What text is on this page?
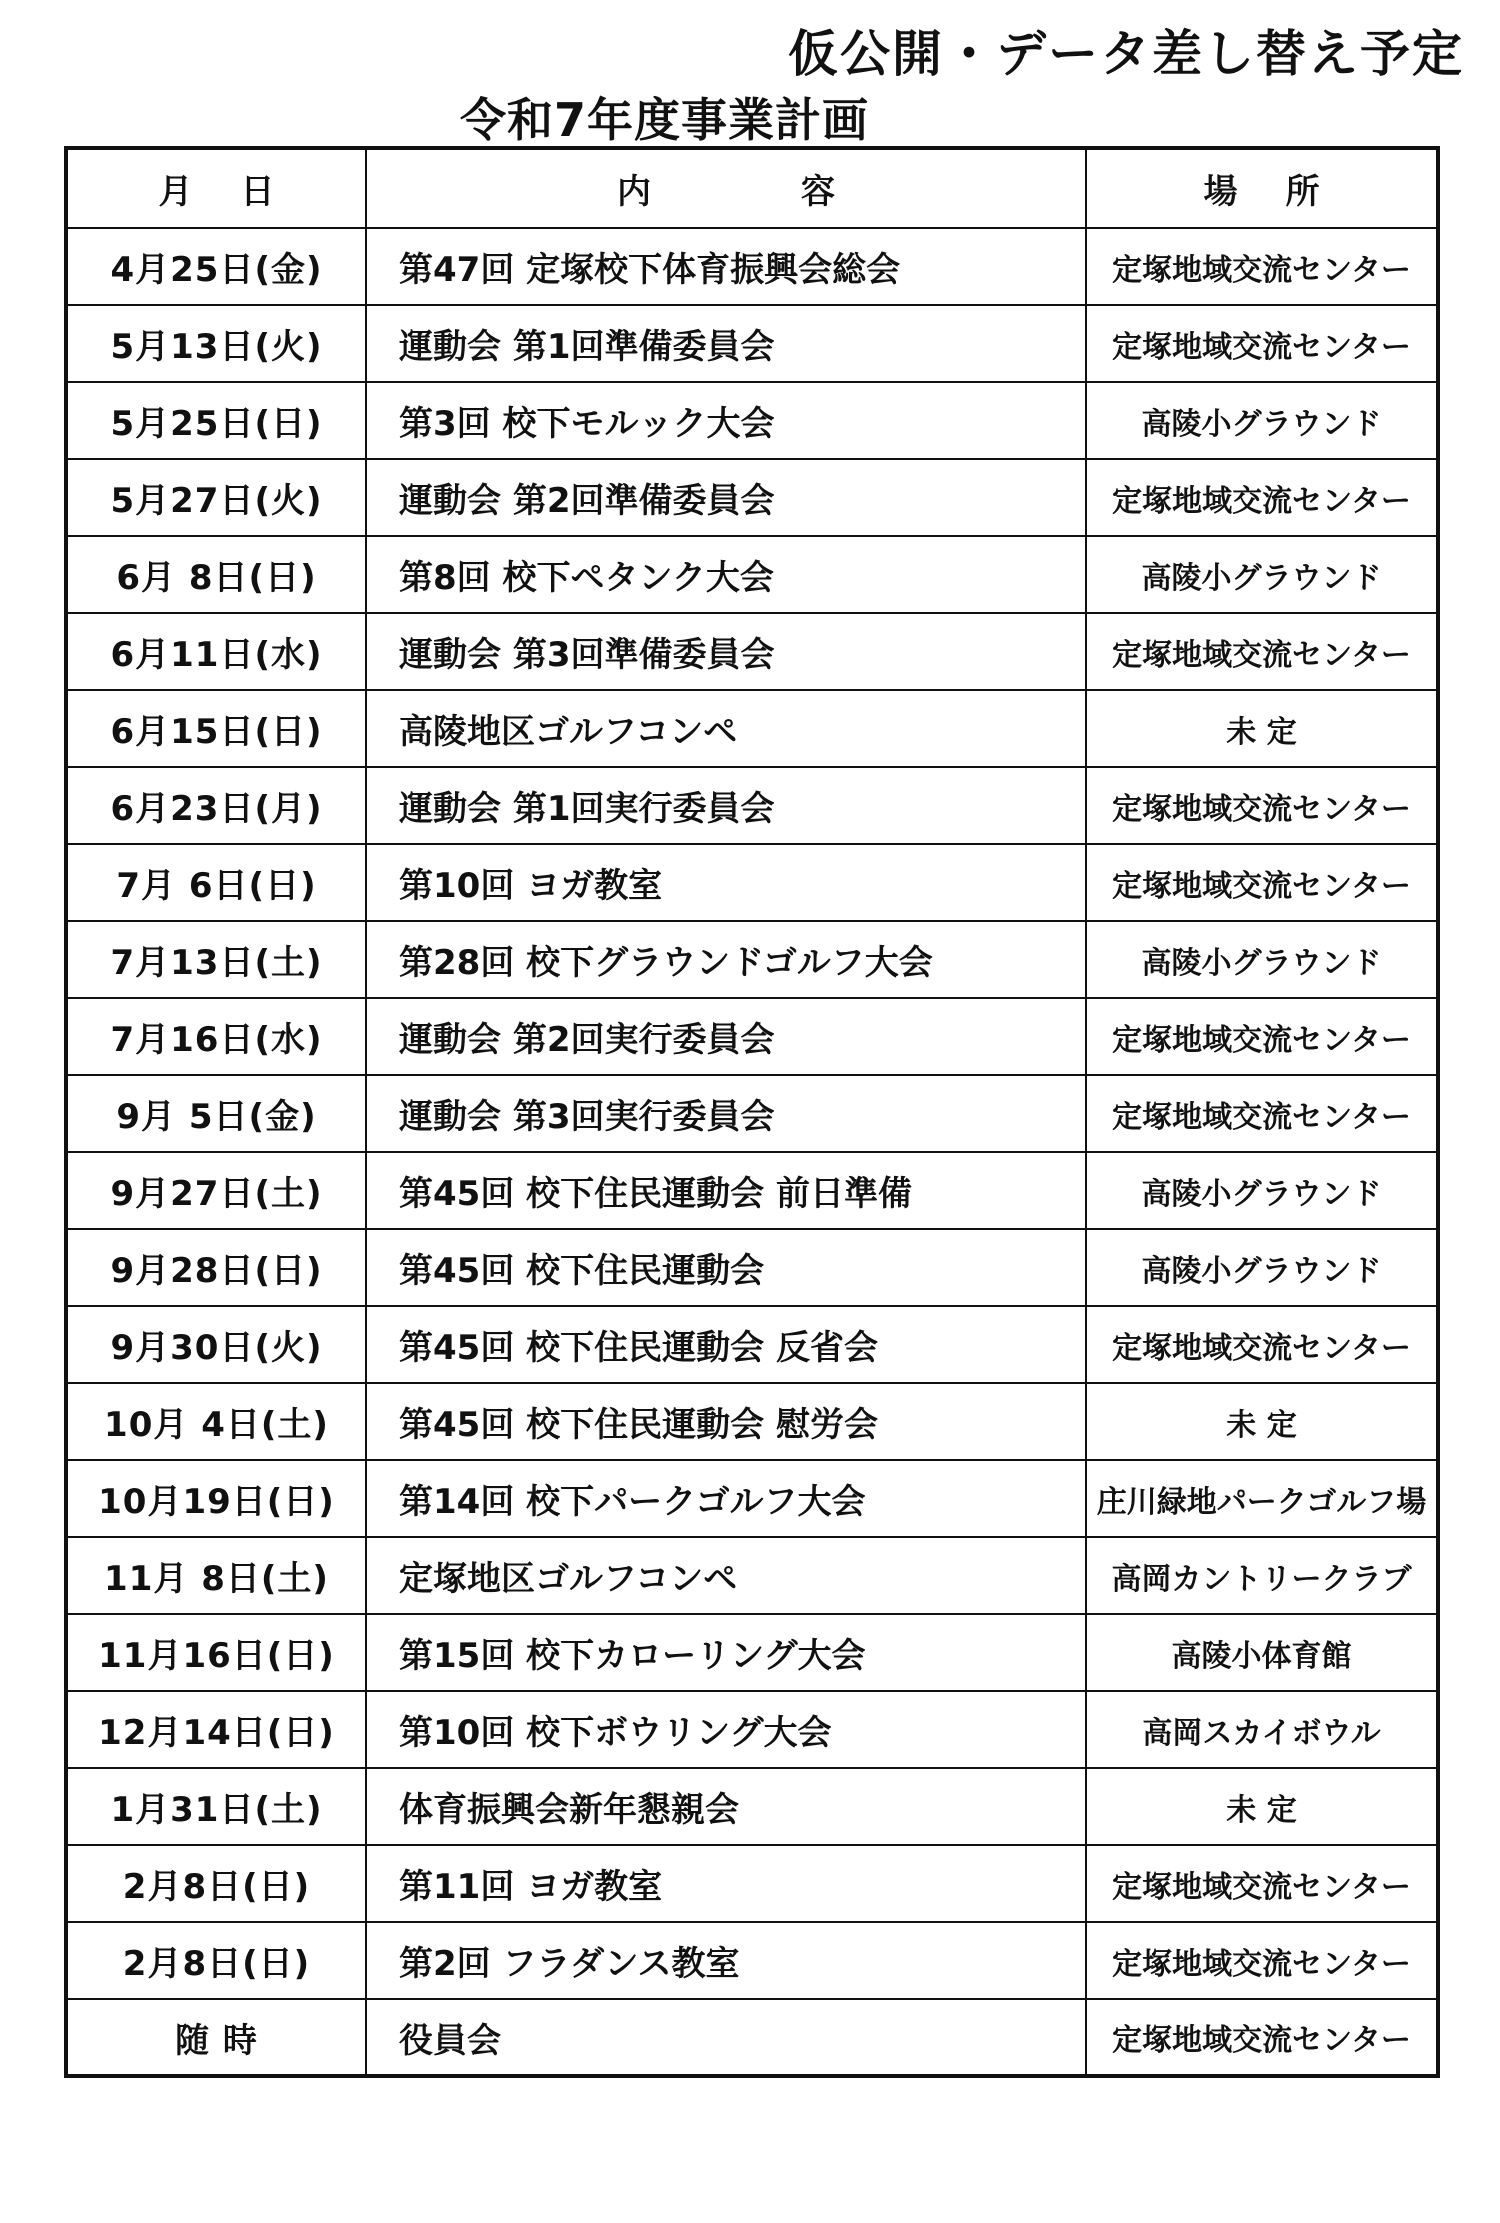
仮公開・データ差し替え予定
令和7年度事業計画
月日	内容	場所
4月25日(金)	第47回 定塚校下体育振興会総会	定塚地域交流センター
5月13日(火)	運動会 第1回準備委員会	定塚地域交流センター
5月25日(日)	第3回 校下モルック大会	高陵小グラウンド
5月27日(火)	運動会 第2回準備委員会	定塚地域交流センター
6月 8日(日)	第8回 校下ペタンク大会	高陵小グラウンド
6月11日(水)	運動会 第3回準備委員会	定塚地域交流センター
6月15日(日)	高陵地区ゴルフコンペ	未 定
6月23日(月)	運動会 第1回実行委員会	定塚地域交流センター
7月 6日(日)	第10回 ヨガ教室	定塚地域交流センター
7月13日(土)	第28回 校下グラウンドゴルフ大会	高陵小グラウンド
7月16日(水)	運動会 第2回実行委員会	定塚地域交流センター
9月 5日(金)	運動会 第3回実行委員会	定塚地域交流センター
9月27日(土)	第45回 校下住民運動会 前日準備	高陵小グラウンド
9月28日(日)	第45回 校下住民運動会	高陵小グラウンド
9月30日(火)	第45回 校下住民運動会 反省会	定塚地域交流センター
10月 4日(土)	第45回 校下住民運動会 慰労会	未 定
10月19日(日)	第14回 校下パークゴルフ大会	庄川緑地パークゴルフ場
11月 8日(土)	定塚地区ゴルフコンペ	高岡カントリークラブ
11月16日(日)	第15回 校下カローリング大会	高陵小体育館
12月14日(日)	第10回 校下ボウリング大会	高岡スカイボウル
1月31日(土)	体育振興会新年懇親会	未 定
2月8日(日)	第11回 ヨガ教室	定塚地域交流センター
2月8日(日)	第2回 フラダンス教室	定塚地域交流センター
随 時	役員会	定塚地域交流センター
